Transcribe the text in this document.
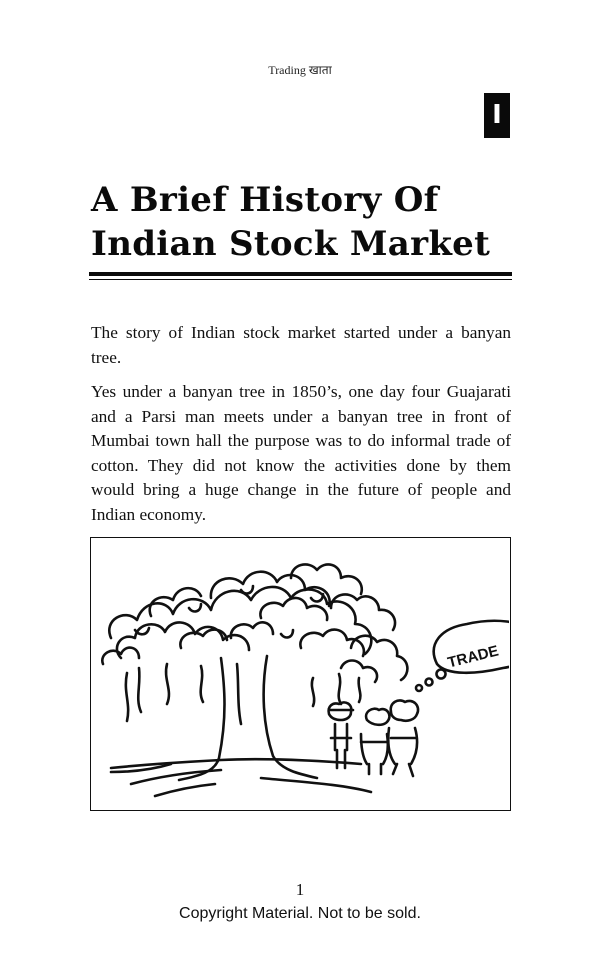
Trading खाता
I
A Brief History Of Indian Stock Market

The story of Indian stock market started under a banyan tree.

Yes under a banyan tree in 1850’s, one day four Guajarati and a Parsi man meets under a banyan tree in front of Mumbai town hall the purpose was to do informal trade of cotton. They did not know the activities done by them would bring a huge change in the future of people and Indian economy.

TRADE
1
Copyright Material. Not to be sold.
